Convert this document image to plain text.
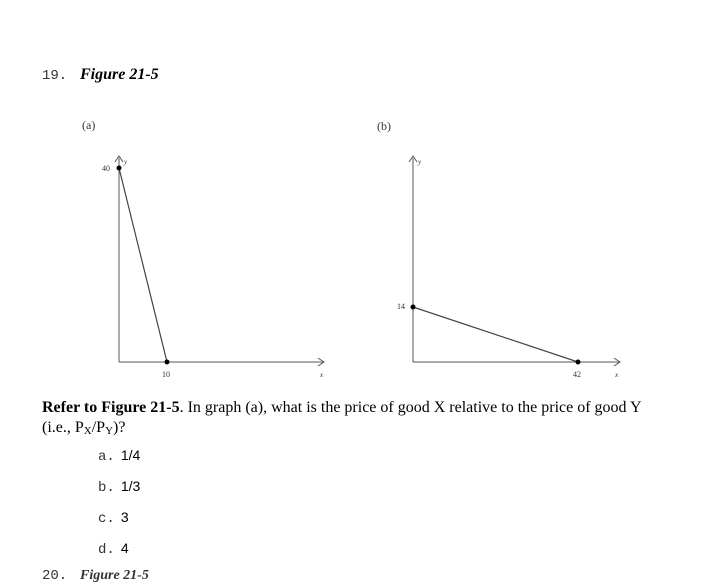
19. Figure 21-5
(a)	(b)
40
10
y
x
14
42
y
x
Refer to Figure 21-5. In graph (a), what is the price of good X relative to the price of good Y
(i.e., $P_X/P_Y$)?
a. 1/4
b. 1/3
c. 3
d. 4
20. Figure 21-5
